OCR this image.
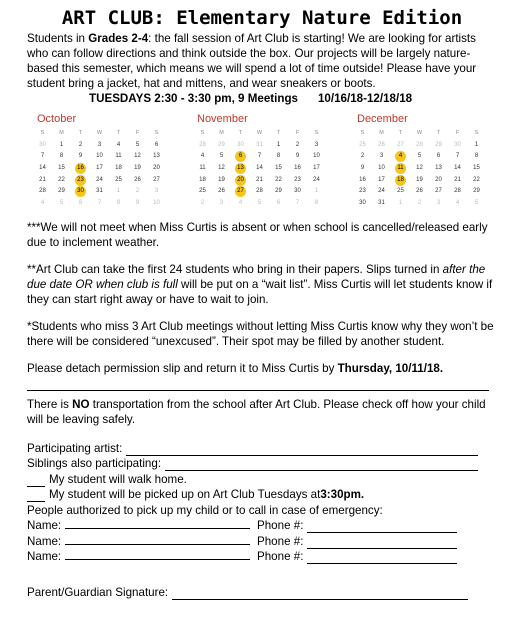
ART CLUB: Elementary Nature Edition

Students in Grades 2-4: the fall session of Art Club is starting! We are looking for artists who can follow directions and think outside the box. Our projects will be largely nature-based this semester, which means we will spend a lot of time outside! Please have your student bring a jacket, hat and mittens, and wear sneakers or boots.

TUESDAYS 2:30 - 3:30 pm, 9 Meetings 10/16/18-12/18/18
October
S	M	T	W	T	F	S
30	1	2	3	4	5	6
7	8	9	10	11	12	13
14	15	16	17	18	19	20
21	22	23	24	25	26	27
28	29	30	31	1	2	3
4	5	6	7	8	9	10
November
S	M	T	W	T	F	S
28	29	30	31	1	2	3
4	5	6	7	8	9	10
11	12	13	14	15	16	17
18	19	20	21	22	23	24
25	26	27	28	29	30	1
2	3	4	5	6	7	8
December
S	M	T	W	T	F	S
25	26	27	28	29	30	1
2	3	4	5	6	7	8
9	10	11	12	13	14	15
16	17	18	19	20	21	22
23	24	25	26	27	28	29
30	31	1	2	3	4	5

***We will not meet when Miss Curtis is absent or when school is cancelled/released early due to inclement weather.

**Art Club can take the first 24 students who bring in their papers. Slips turned in after the due date OR when club is full will be put on a “wait list”. Miss Curtis will let students know if they can start right away or have to wait to join.

*Students who miss 3 Art Club meetings without letting Miss Curtis know why they won’t be there will be considered “unexcused”. Their spot may be filled by another student.

Please detach permission slip and return it to Miss Curtis by Thursday, 10/11/18.

There is NO transportation from the school after Art Club. Please check off how your child will be leaving safely.

Participating artist:
Siblings also participating:
My student will walk home.
My student will be picked up on Art Club Tuesdays at 3:30pm.
People authorized to pick up my child or to call in case of emergency:
Name:	Phone #:
Name:	Phone #:
Name:	Phone #:
Parent/Guardian Signature:
